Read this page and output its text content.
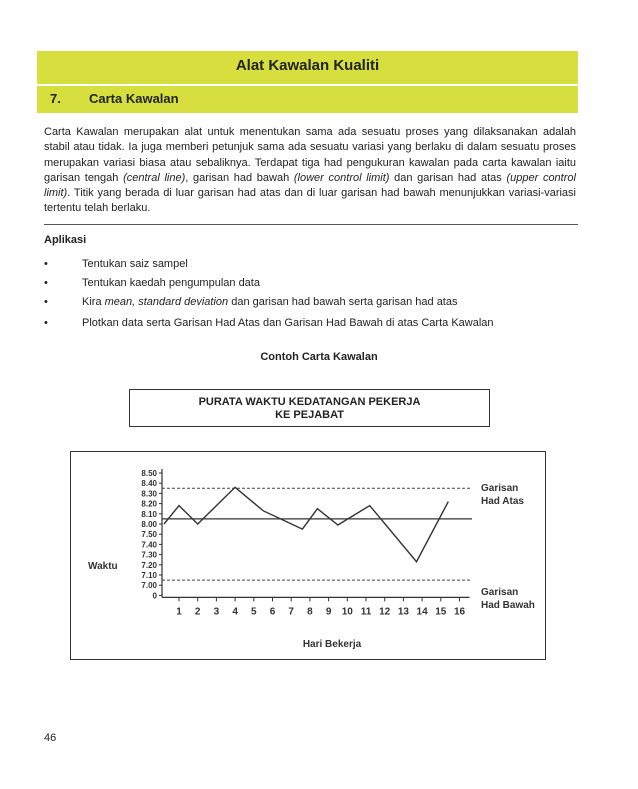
Alat Kawalan Kualiti
7. Carta Kawalan
Carta Kawalan merupakan alat untuk menentukan sama ada sesuatu proses yang dilaksanakan adalah stabil atau tidak. Ia juga memberi petunjuk sama ada sesuatu variasi yang berlaku di dalam sesuatu proses merupakan variasi biasa atau sebaliknya. Terdapat tiga had pengukuran kawalan pada carta kawalan iaitu garisan tengah (central line), garisan had bawah (lower control limit) dan garisan had atas (upper control limit). Titik yang berada di luar garisan had atas dan di luar garisan had bawah menunjukkan variasi-variasi tertentu telah berlaku.
Aplikasi
•	Tentukan saiz sampel
•	Tentukan kaedah pengumpulan data
•	Kira mean, standard deviation dan garisan had bawah serta garisan had atas
•	Plotkan data serta Garisan Had Atas dan Garisan Had Bawah di atas Carta Kawalan
Contoh Carta Kawalan
PURATA WAKTU KEDATANGAN PEKERJA
KE PEJABAT
8.50
8.40
8.30
8.20
8.10
8.00
7.50
7.40
7.30
7.20
7.10
7.00
0
1 2 3 4 5 6 7 8 9 10 11 12 13 14 15 16
Waktu
Hari Bekerja
Garisan
Had Atas
Garisan
Had Bawah
46
